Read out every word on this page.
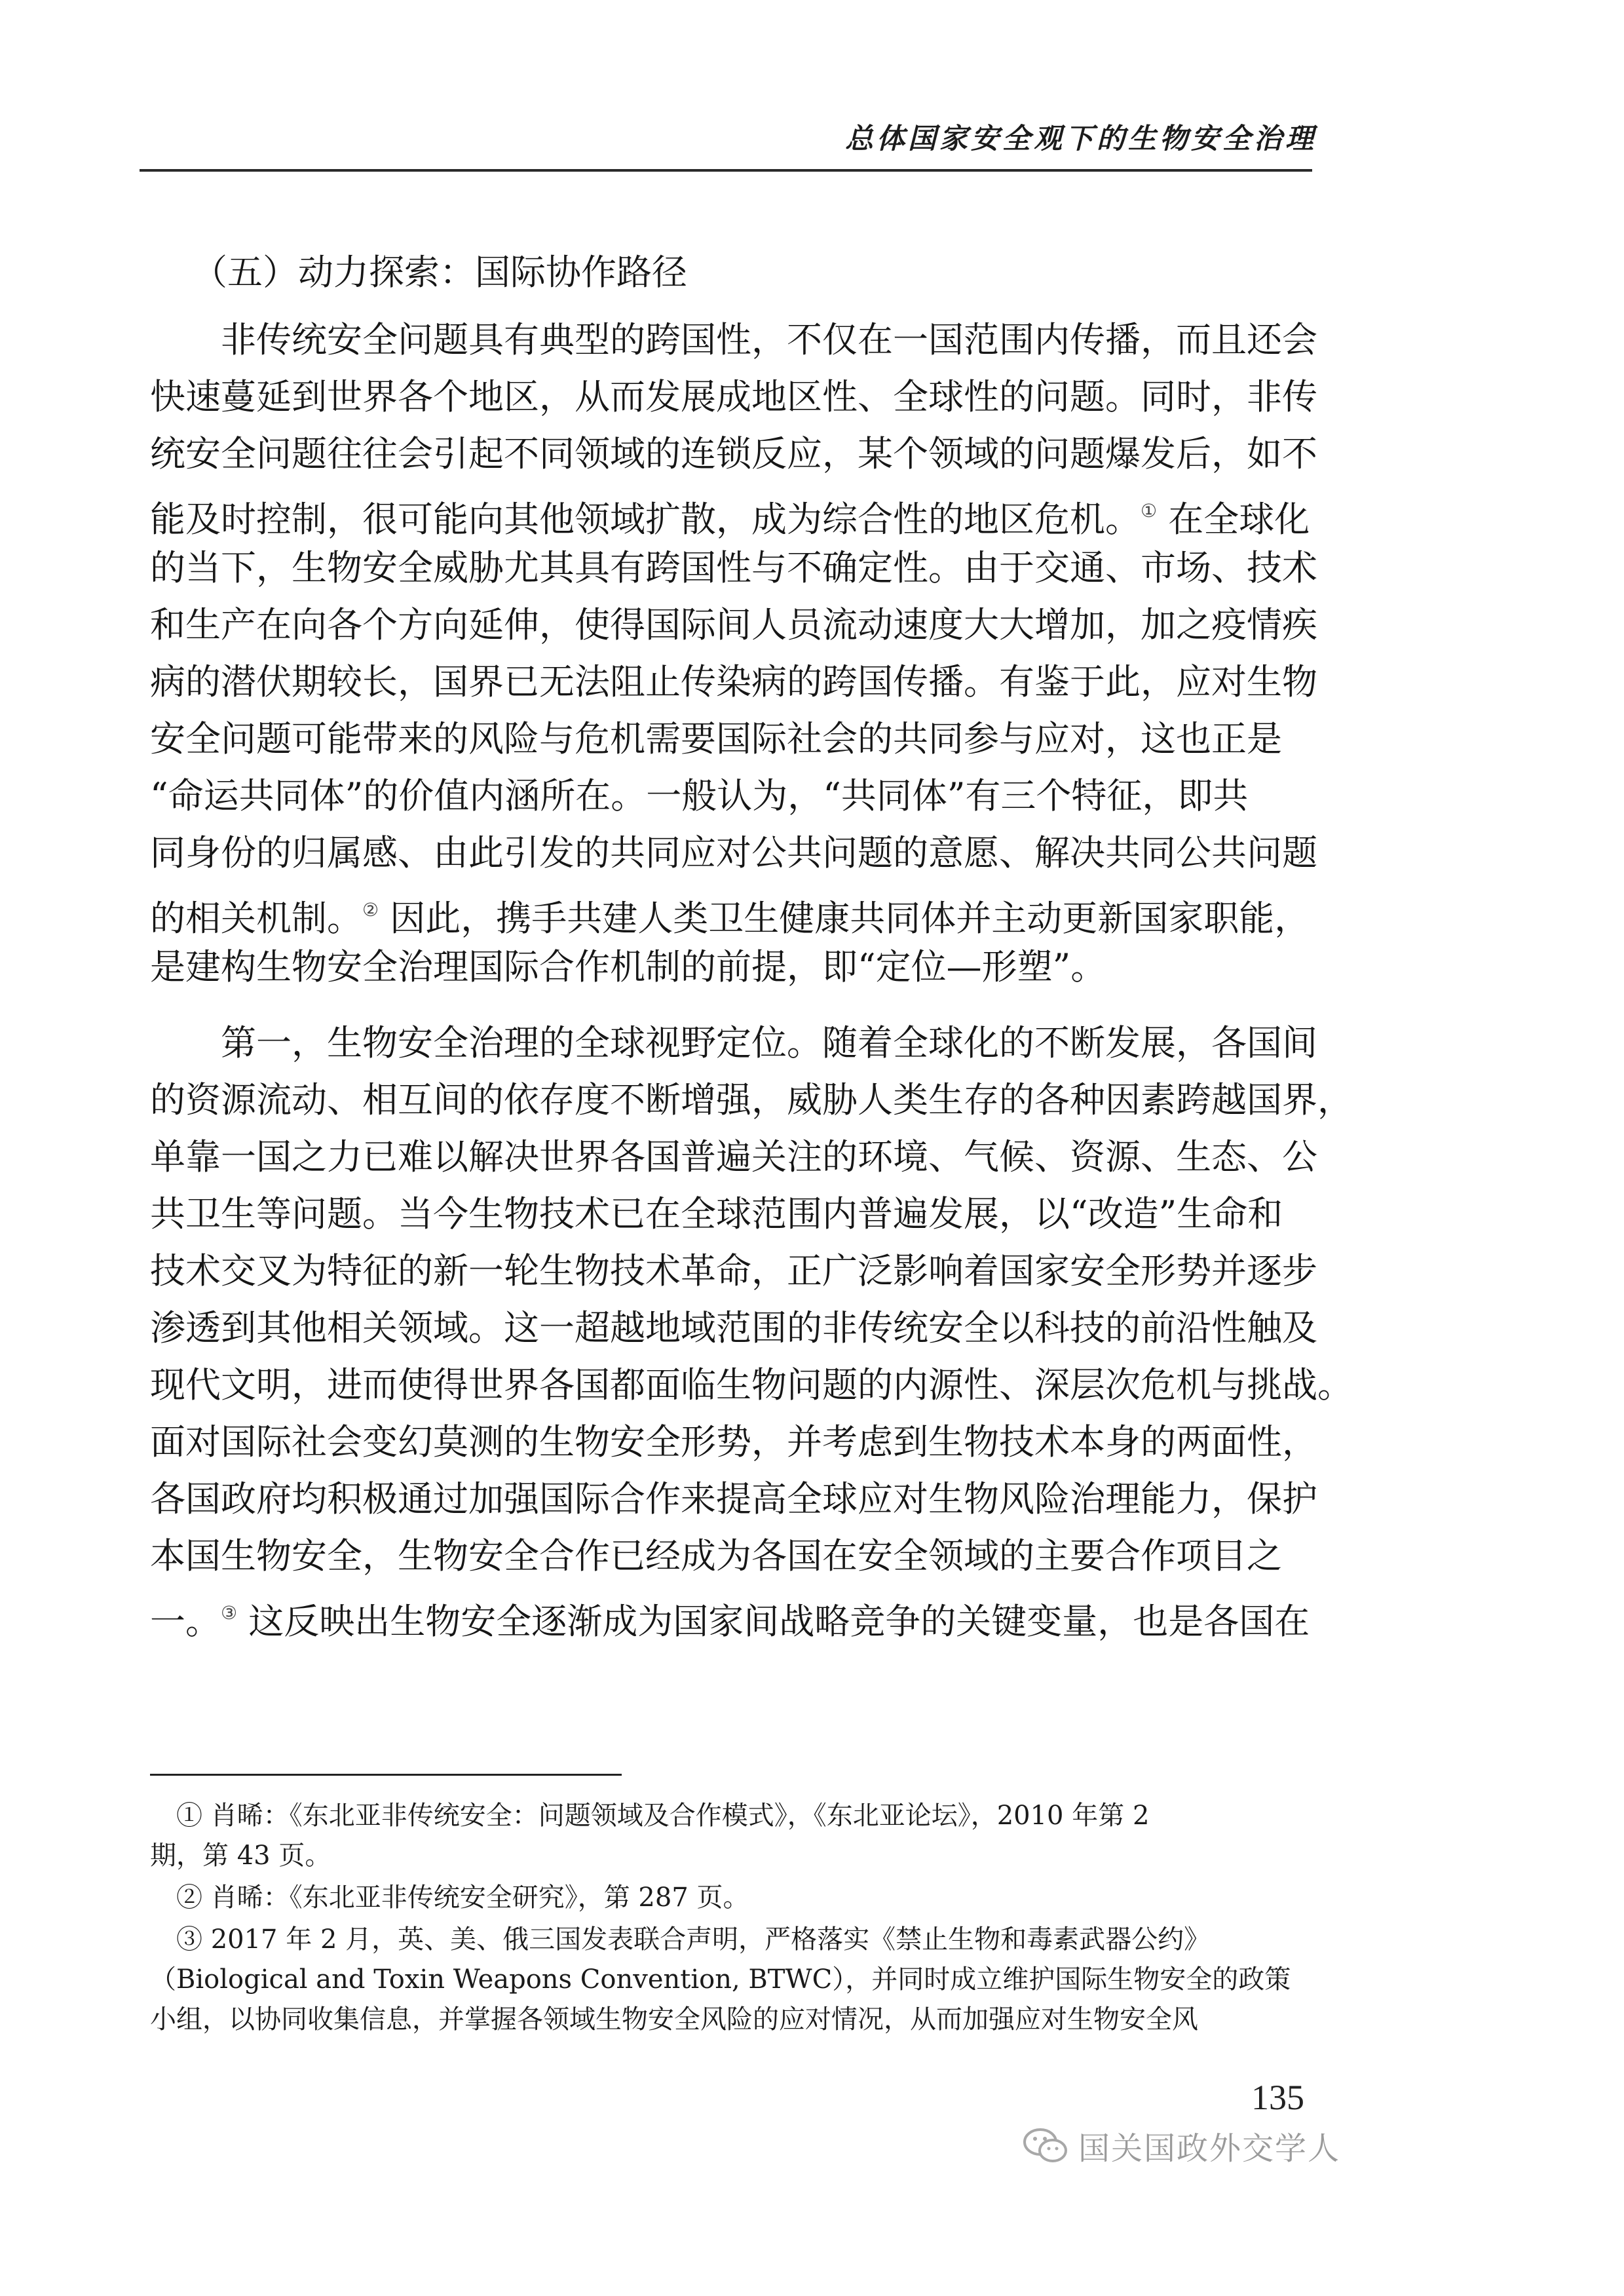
总体国家安全观下的生物安全治理
（五）动力探索：国际协作路径
　　非传统安全问题具有典型的跨国性，不仅在一国范围内传播，而且还会
快速蔓延到世界各个地区，从而发展成地区性、全球性的问题。同时，非传
统安全问题往往会引起不同领域的连锁反应，某个领域的问题爆发后，如不
能及时控制，很可能向其他领域扩散，成为综合性的地区危机。① 在全球化
的当下，生物安全威胁尤其具有跨国性与不确定性。由于交通、市场、技术
和生产在向各个方向延伸，使得国际间人员流动速度大大增加，加之疫情疾
病的潜伏期较长，国界已无法阻止传染病的跨国传播。有鉴于此，应对生物
安全问题可能带来的风险与危机需要国际社会的共同参与应对，这也正是
“命运共同体”的价值内涵所在。一般认为，“共同体”有三个特征，即共
同身份的归属感、由此引发的共同应对公共问题的意愿、解决共同公共问题
的相关机制。② 因此，携手共建人类卫生健康共同体并主动更新国家职能，
是建构生物安全治理国际合作机制的前提，即“定位—形塑”。
　　第一，生物安全治理的全球视野定位。随着全球化的不断发展，各国间
的资源流动、相互间的依存度不断增强，威胁人类生存的各种因素跨越国界，
单靠一国之力已难以解决世界各国普遍关注的环境、气候、资源、生态、公
共卫生等问题。当今生物技术已在全球范围内普遍发展，以“改造”生命和
技术交叉为特征的新一轮生物技术革命，正广泛影响着国家安全形势并逐步
渗透到其他相关领域。这一超越地域范围的非传统安全以科技的前沿性触及
现代文明，进而使得世界各国都面临生物问题的内源性、深层次危机与挑战。
面对国际社会变幻莫测的生物安全形势，并考虑到生物技术本身的两面性，
各国政府均积极通过加强国际合作来提高全球应对生物风险治理能力，保护
本国生物安全，生物安全合作已经成为各国在安全领域的主要合作项目之
一。③ 这反映出生物安全逐渐成为国家间战略竞争的关键变量，也是各国在
　① 肖晞：《东北亚非传统安全：问题领域及合作模式》，《东北亚论坛》，2010 年第 2
期，第 43 页。
　② 肖晞：《东北亚非传统安全研究》，第 287 页。
　③ 2017 年 2 月，英、美、俄三国发表联合声明，严格落实《禁止生物和毒素武器公约》
（Biological and Toxin Weapons Convention, BTWC），并同时成立维护国际生物安全的政策
小组，以协同收集信息，并掌握各领域生物安全风险的应对情况，从而加强应对生物安全风
135
国关国政外交学人
